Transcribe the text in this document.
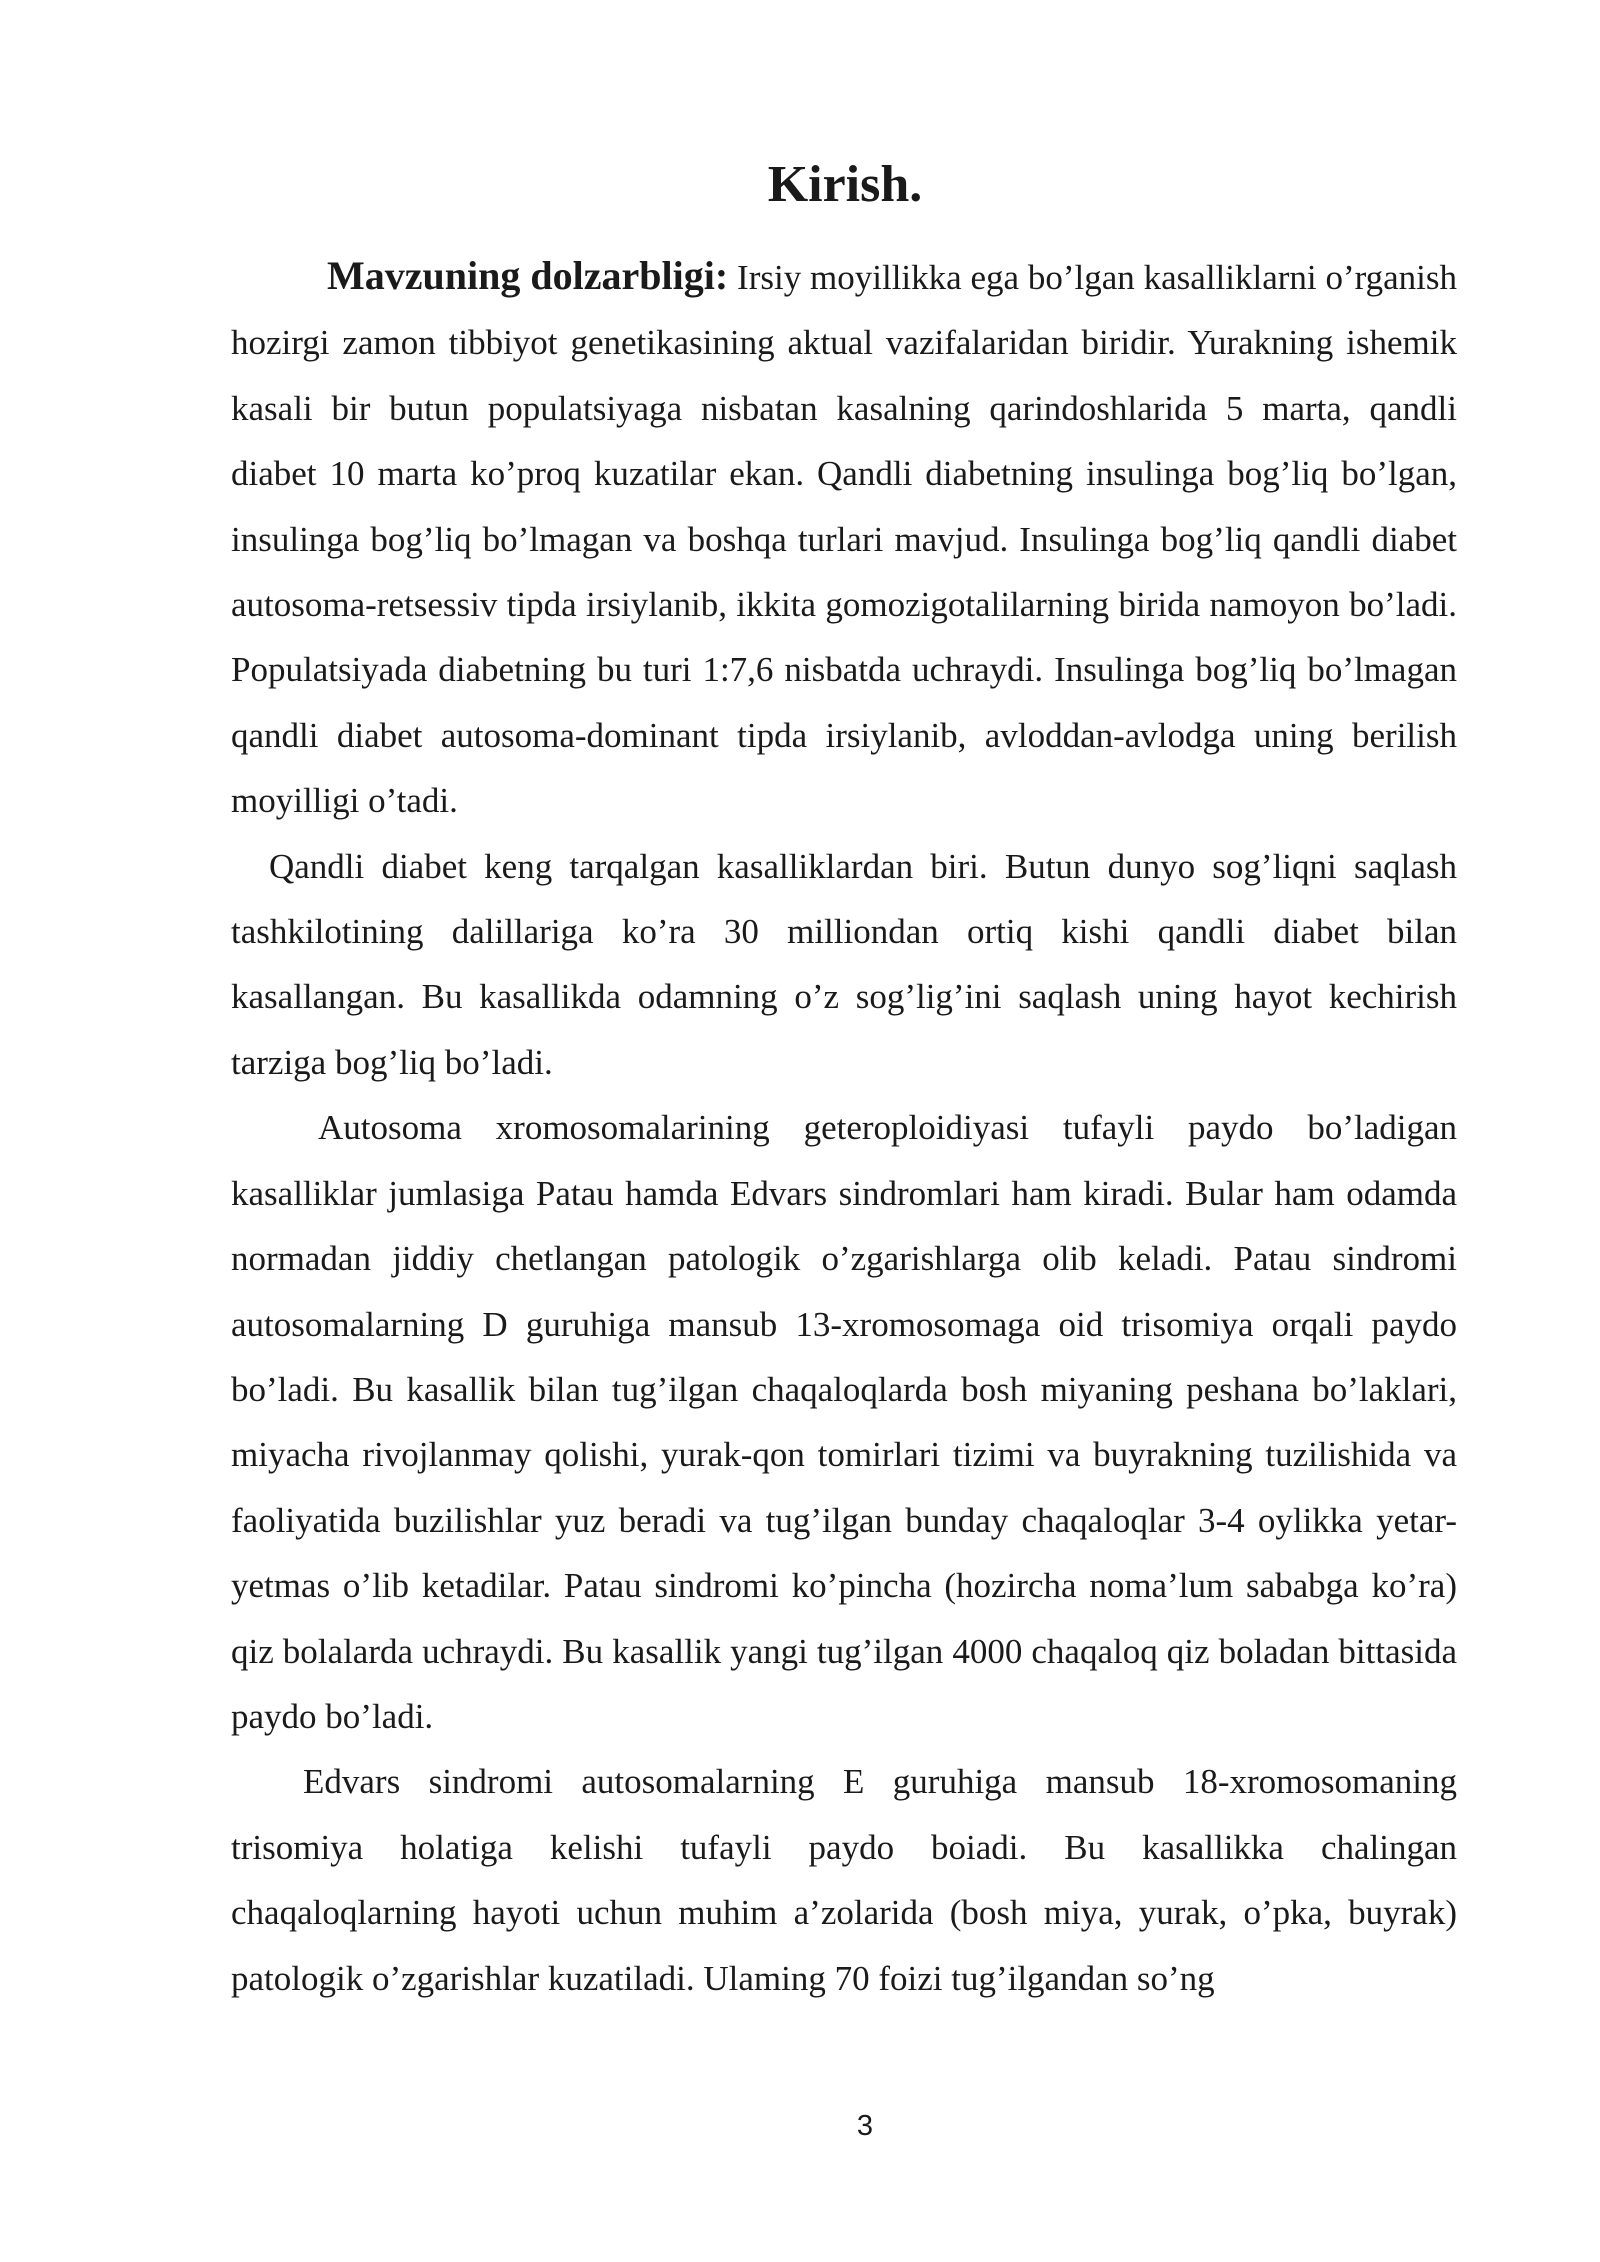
Kirish.

Mavzuning dolzarbligi: Irsiy moyillikka ega bo’lgan kasalliklarni o’rganish hozirgi zamon tibbiyot genetikasining aktual vazifalaridan biridir. Yurakning ishemik kasali bir butun populatsiyaga nisbatan kasalning qarindoshlarida 5 marta, qandli diabet 10 marta ko’proq kuzatilar ekan. Qandli diabetning insulinga bog’liq bo’lgan, insulinga bog’liq bo’lmagan va boshqa turlari mavjud. Insulinga bog’liq qandli diabet autosoma-retsessiv tipda irsiylanib, ikkita gomozigotalilarning birida namoyon bo’ladi. Populatsiyada diabetning bu turi 1:7,6 nisbatda uchraydi. Insulinga bog’liq bo’lmagan qandli diabet autosoma-dominant tipda irsiylanib, avloddan-avlodga uning berilish moyilligi o’tadi.

Qandli diabet keng tarqalgan kasalliklardan biri. Butun dunyo sog’liqni saqlash tashkilotining dalillariga ko’ra 30 milliondan ortiq kishi qandli diabet bilan kasallangan. Bu kasallikda odamning o’z sog’lig’ini saqlash uning hayot kechirish tarziga bog’liq bo’ladi.

Autosoma xromosomalarining geteroploidiyasi tufayli paydo bo’ladigan kasalliklar jumlasiga Patau hamda Edvars sindromlari ham kiradi. Bular ham odamda normadan jiddiy chetlangan patologik o’zgarishlarga olib keladi. Patau sindromi autosomalarning D guruhiga mansub 13-xromosomaga oid trisomiya orqali paydo bo’ladi. Bu kasallik bilan tug’ilgan chaqaloqlarda bosh miyaning peshana bo’laklari, miyacha rivojlanmay qolishi, yurak-qon tomirlari tizimi va buyrakning tuzilishida va faoliyatida buzilishlar yuz beradi va tug’ilgan bunday chaqaloqlar 3-4 oylikka yetar-yetmas o’lib ketadilar. Patau sindromi ko’pincha (hozircha noma’lum sababga ko’ra) qiz bolalarda uchraydi. Bu kasallik yangi tug’ilgan 4000 chaqaloq qiz boladan bittasida paydo bo’ladi.

Edvars sindromi autosomalarning E guruhiga mansub 18-xromosomaning trisomiya holatiga kelishi tufayli paydo boiadi. Bu kasallikka chalingan chaqaloqlarning hayoti uchun muhim a’zolarida (bosh miya, yurak, o’pka, buyrak) patologik o’zgarishlar kuzatiladi. Ulaming 70 foizi tug’ilgandan so’ng

3
